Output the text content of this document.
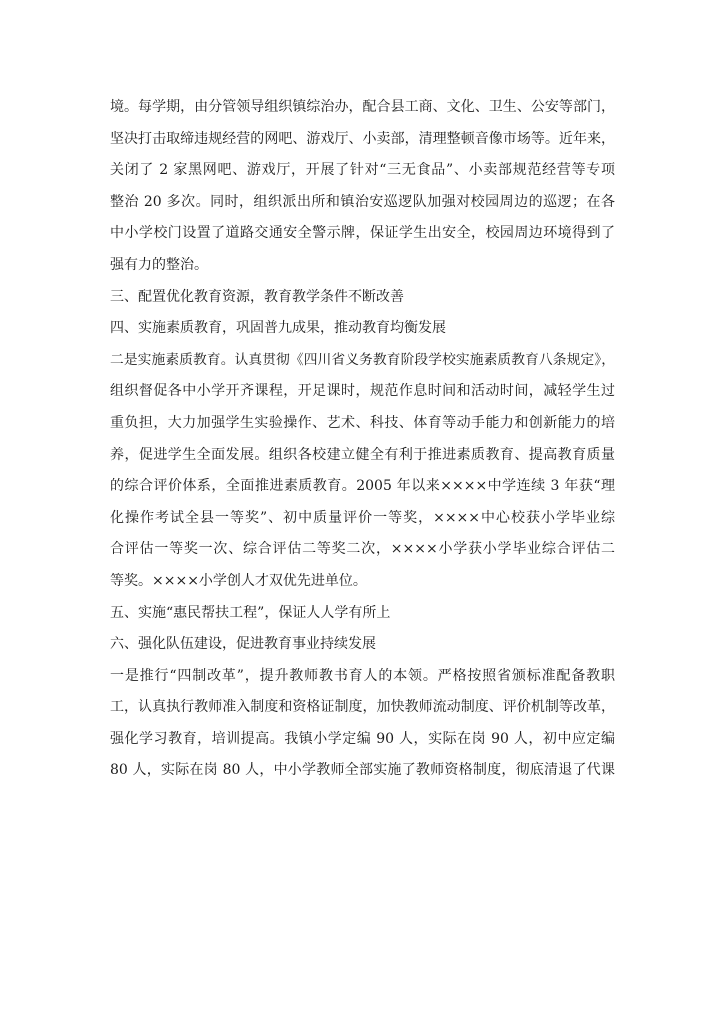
境。每学期，由分管领导组织镇综治办，配合县工商、文化、卫生、公安等部门，
坚决打击取缔违规经营的网吧、游戏厅、小卖部，清理整顿音像市场等。近年来，
关闭了 2 家黑网吧、游戏厅，开展了针对“三无食品”、小卖部规范经营等专项
整治 20 多次。同时，组织派出所和镇治安巡逻队加强对校园周边的巡逻；在各
中小学校门设置了道路交通安全警示牌，保证学生出安全，校园周边环境得到了
强有力的整治。
三、配置优化教育资源，教育教学条件不断改善
四、实施素质教育，巩固普九成果，推动教育均衡发展
二是实施素质教育。认真贯彻《四川省义务教育阶段学校实施素质教育八条规定》，
组织督促各中小学开齐课程，开足课时，规范作息时间和活动时间，减轻学生过
重负担，大力加强学生实验操作、艺术、科技、体育等动手能力和创新能力的培
养，促进学生全面发展。组织各校建立健全有利于推进素质教育、提高教育质量
的综合评价体系，全面推进素质教育。2005 年以来××××中学连续 3 年获“理
化操作考试全县一等奖”、初中质量评价一等奖，××××中心校获小学毕业综
合评估一等奖一次、综合评估二等奖二次，××××小学获小学毕业综合评估二
等奖。××××小学创人才双优先进单位。
五、实施“惠民帮扶工程”，保证人人学有所上
六、强化队伍建设，促进教育事业持续发展
一是推行“四制改革”，提升教师教书育人的本领。严格按照省颁标准配备教职
工，认真执行教师准入制度和资格证制度，加快教师流动制度、评价机制等改革，
强化学习教育，培训提高。我镇小学定编 90 人，实际在岗 90 人，初中应定编
80 人，实际在岗 80 人，中小学教师全部实施了教师资格制度，彻底清退了代课
